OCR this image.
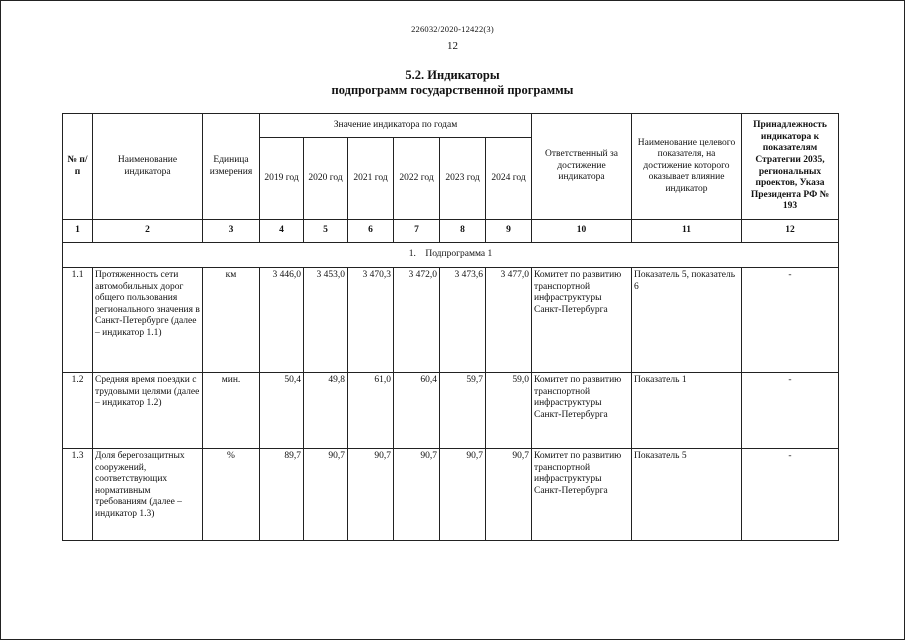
226032/2020-12422(3)
12
5.2. Индикаторы
подпрограмм государственной программы
№ п/п	Наименование индикатора	Единица измерения	Значение индикатора по годам						Ответственный за достижение индикатора	Наименование целевого показателя, на достижение которого оказывает влияние индикатор	Принадлежность индикатора к показателям Стратегии 2035, региональных проектов, Указа Президента РФ № 193
			2019 год	2020 год	2021 год	2022 год	2023 год	2024 год			
1	2	3	4	5	6	7	8	9	10	11	12
1.    Подпрограмма 1											
1.1	Протяженность сети автомобильных дорог общего пользования регионального значения в Санкт-Петербурге (далее – индикатор 1.1)	км	3 446,0	3 453,0	3 470,3	3 472,0	3 473,6	3 477,0	Комитет по развитию транспортной инфраструктуры Санкт-Петербурга	Показатель 5, показатель 6	-
1.2	Средняя время поездки с трудовыми целями (далее – индикатор 1.2)	мин.	50,4	49,8	61,0	60,4	59,7	59,0	Комитет по развитию транспортной инфраструктуры Санкт-Петербурга	Показатель 1	-
1.3	Доля берегозащитных сооружений, соответствующих нормативным требованиям (далее – индикатор 1.3)	%	89,7	90,7	90,7	90,7	90,7	90,7	Комитет по развитию транспортной инфраструктуры Санкт-Петербурга	Показатель 5	-
